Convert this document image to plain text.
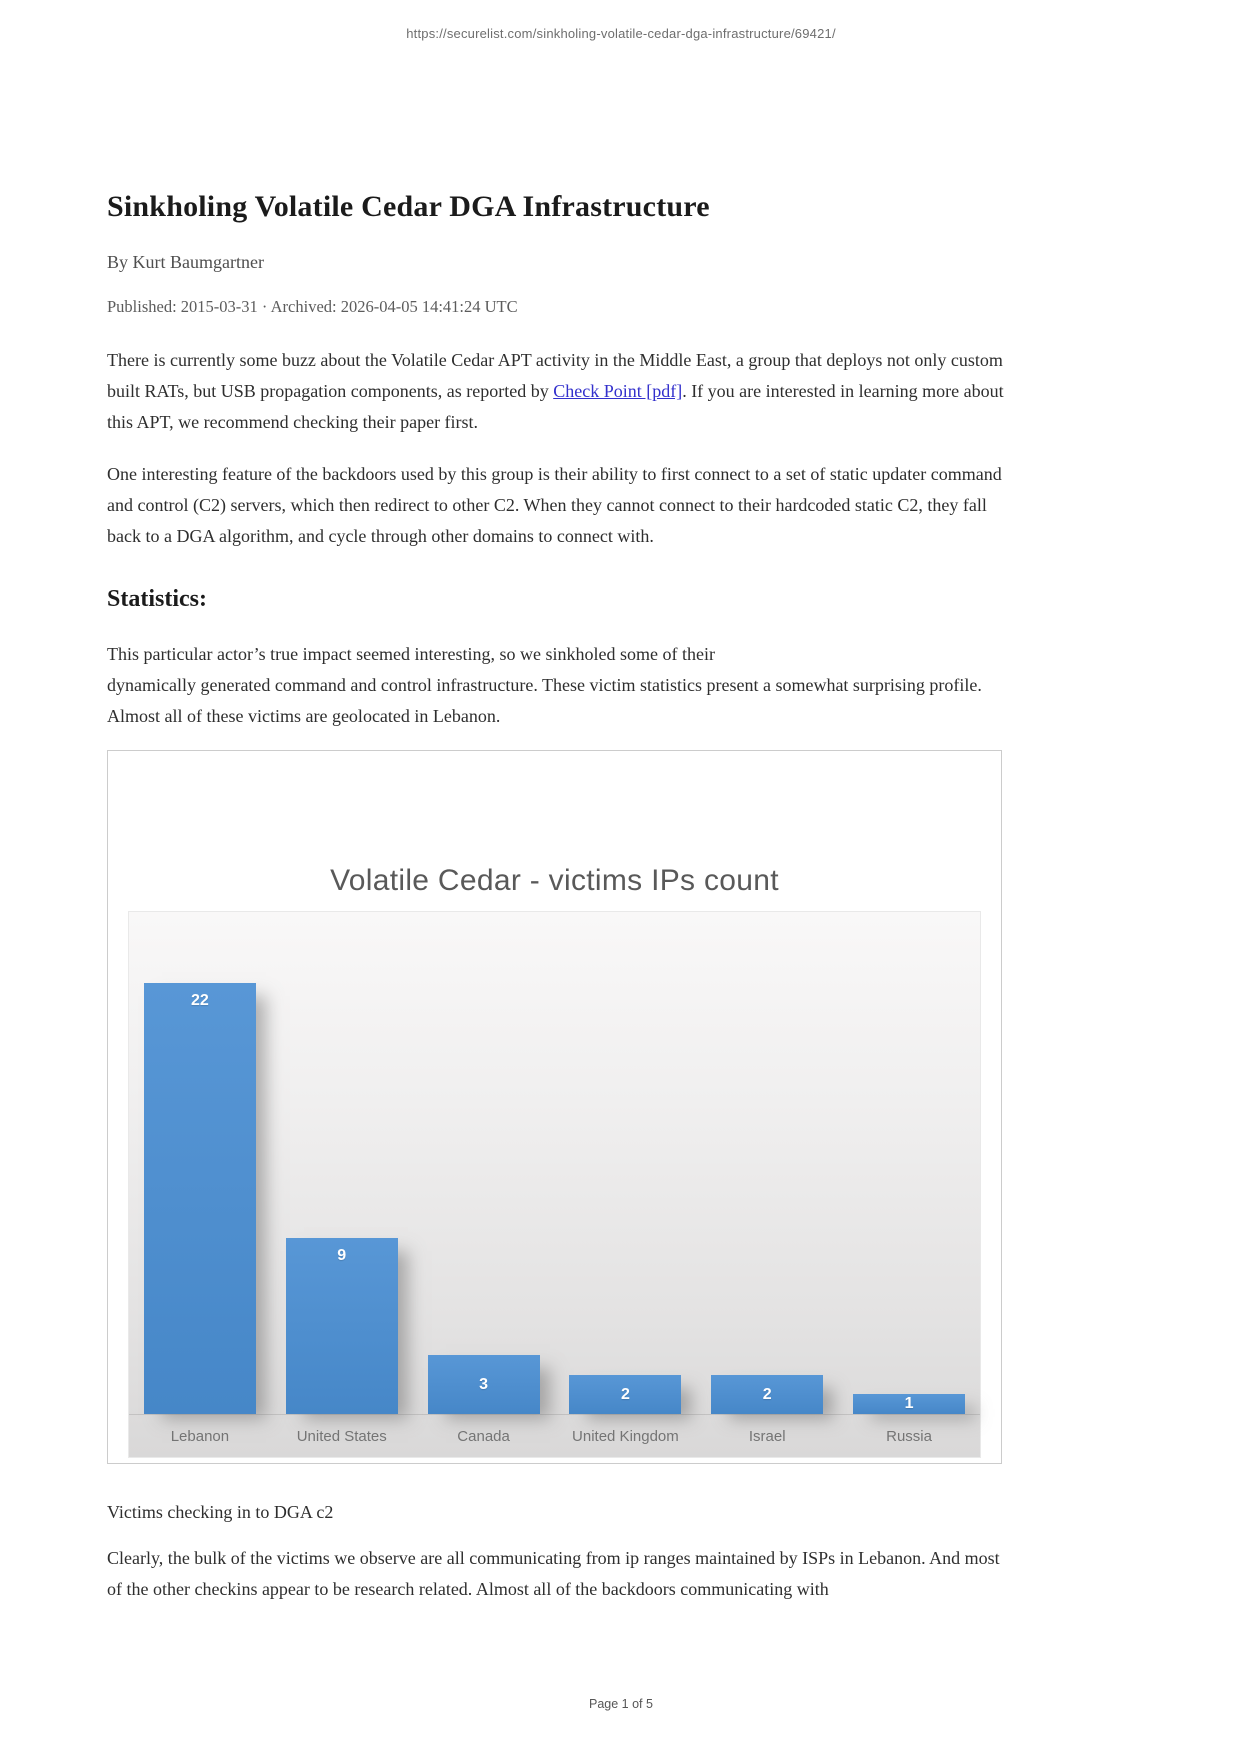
https://securelist.com/sinkholing-volatile-cedar-dga-infrastructure/69421/
Sinkholing Volatile Cedar DGA Infrastructure
By Kurt Baumgartner
Published: 2015-03-31 · Archived: 2026-04-05 14:41:24 UTC

There is currently some buzz about the Volatile Cedar APT activity in the Middle East, a group that deploys not only custom built RATs, but USB propagation components, as reported by Check Point [pdf]. If you are interested in learning more about this APT, we recommend checking their paper first.

One interesting feature of the backdoors used by this group is their ability to first connect to a set of static updater command and control (C2) servers, which then redirect to other C2. When they cannot connect to their hardcoded static C2, they fall back to a DGA algorithm, and cycle through other domains to connect with.

Statistics:

This particular actor’s true impact seemed interesting, so we sinkholed some of their
dynamically generated command and control infrastructure. These victim statistics present a somewhat surprising profile. Almost all of these victims are geolocated in Lebanon.

Volatile Cedar - victims IPs count
22
9
3
2	2
1
Lebanon	United States	Canada	United Kingdom	Israel	Russia
Victims checking in to DGA c2

Clearly, the bulk of the victims we observe are all communicating from ip ranges maintained by ISPs in Lebanon. And most of the other checkins appear to be research related. Almost all of the backdoors communicating with

Page 1 of 5
